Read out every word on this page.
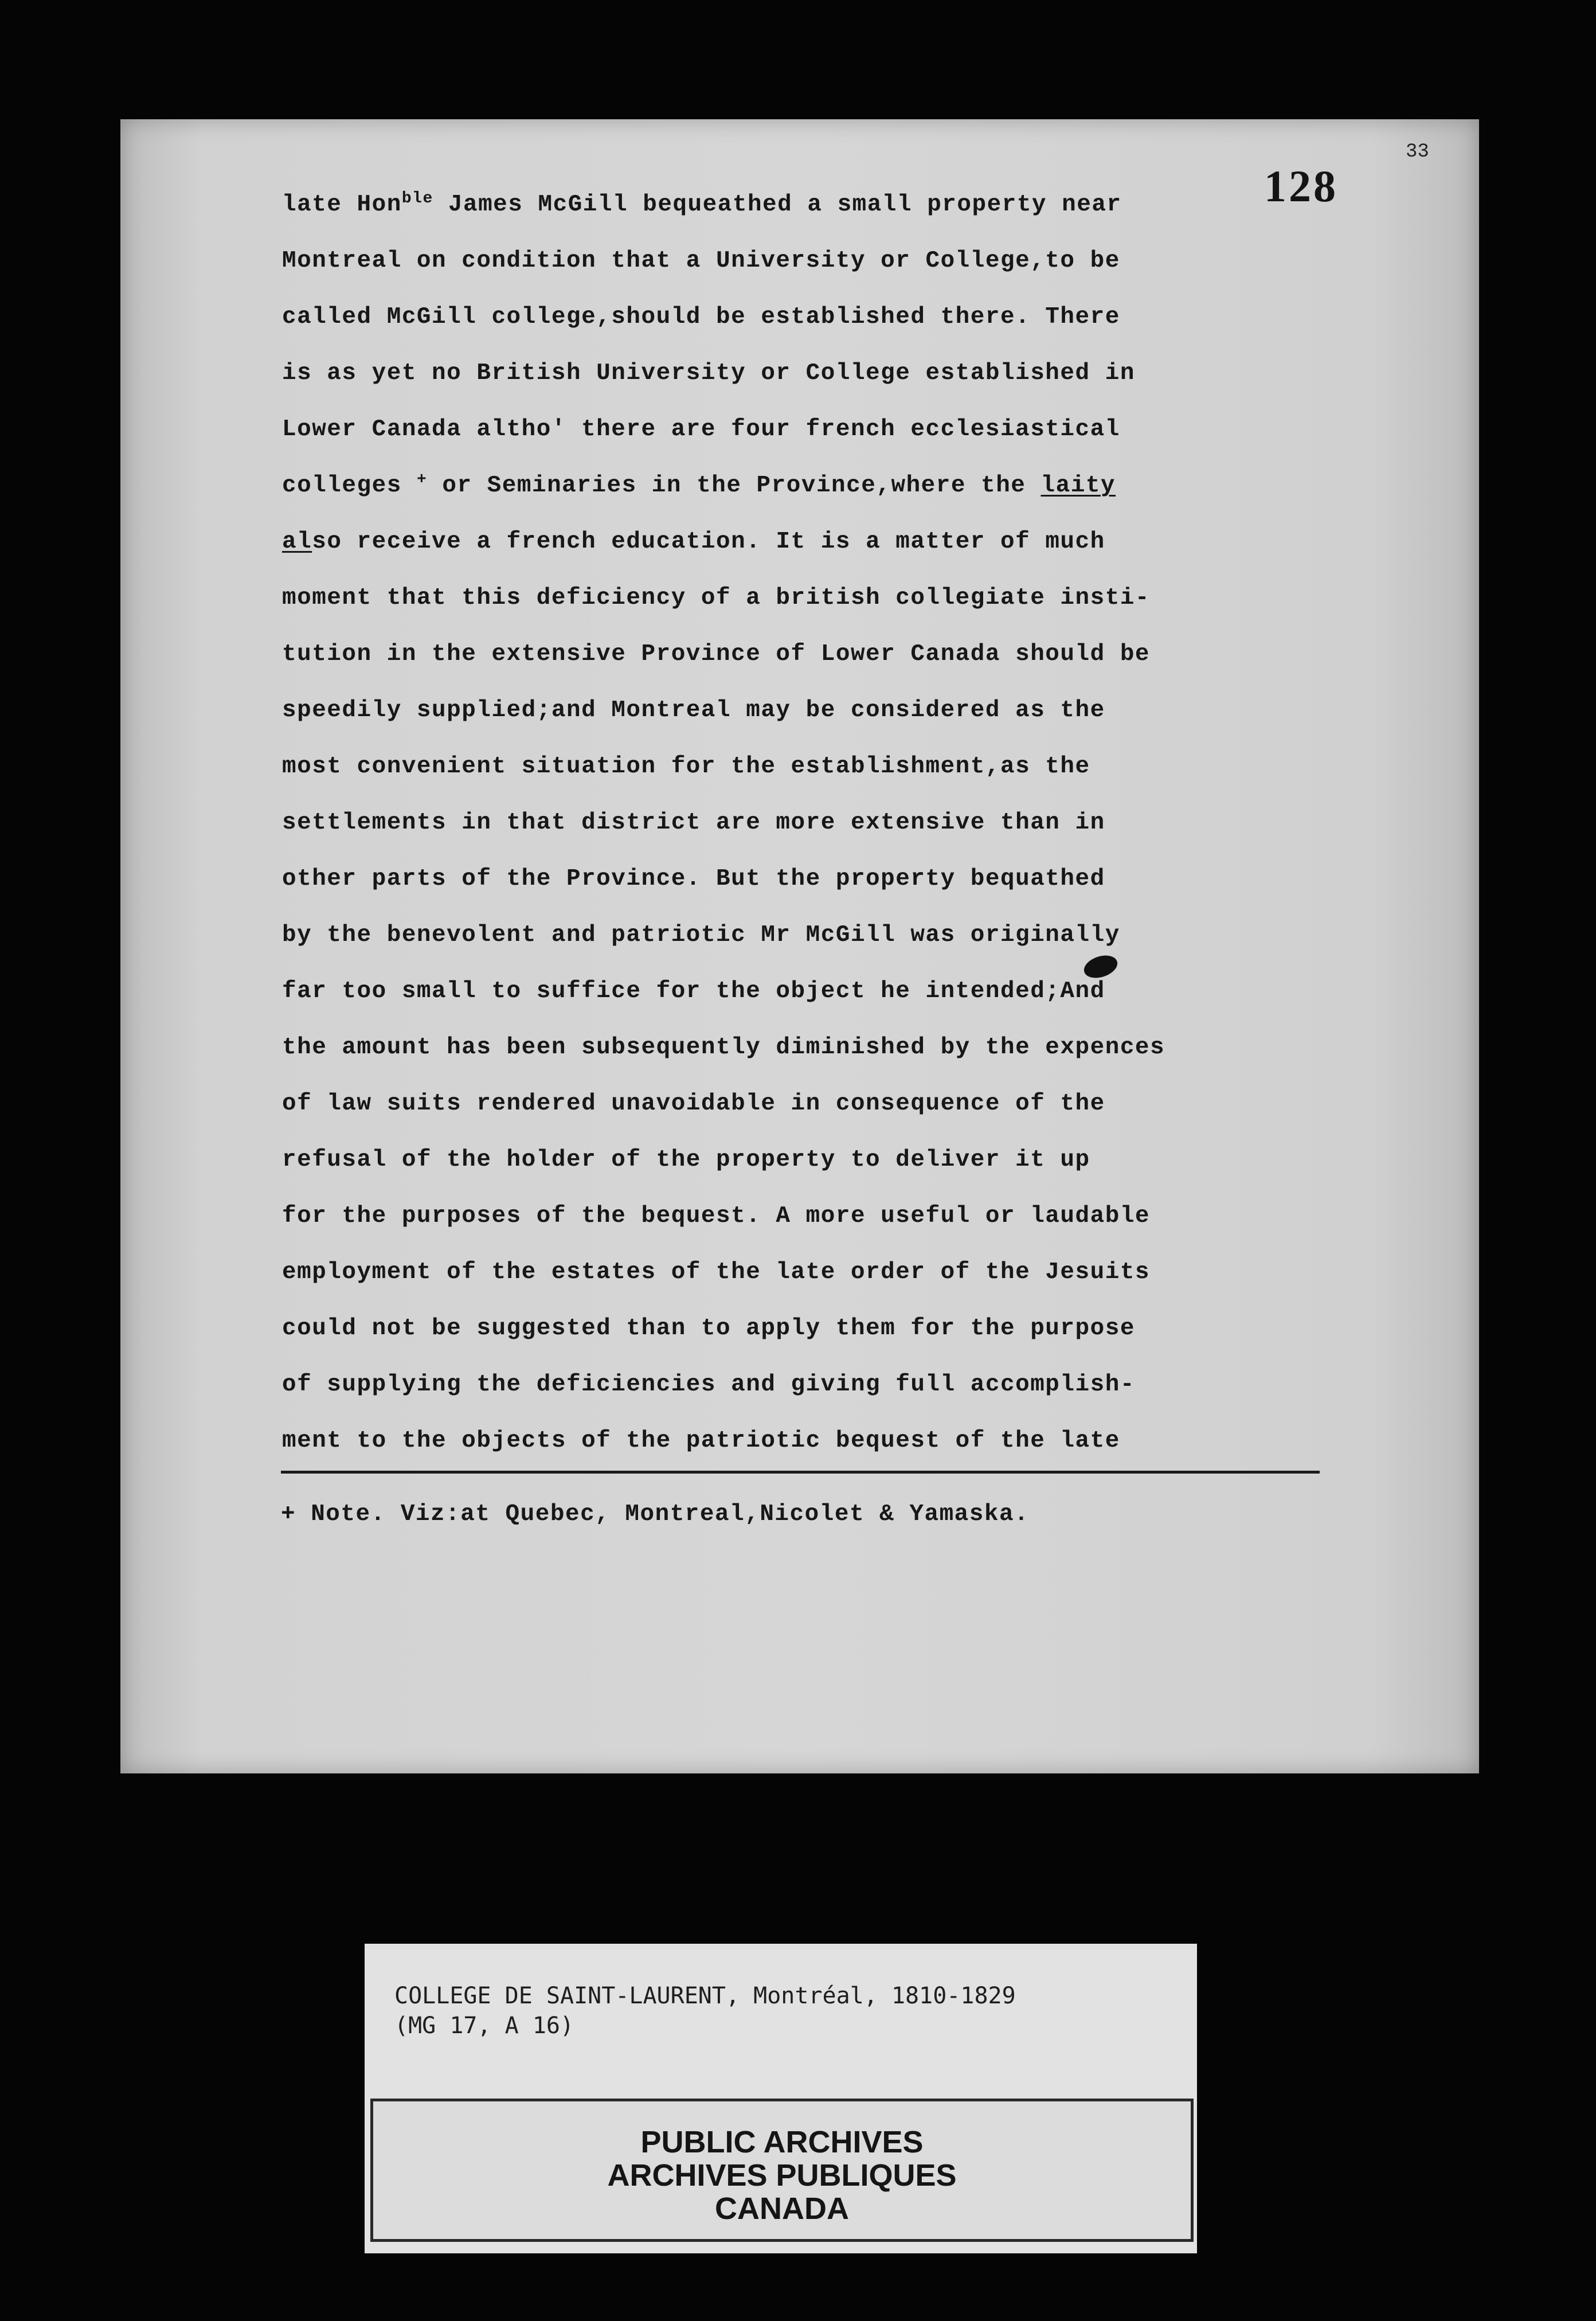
33
128
late Hon$^{ble}$ James McGill bequeathed a small property near
Montreal on condition that a University or College,to be
called McGill college,should be established there. There
is as yet no British University or College established in
Lower Canada altho' there are four french ecclesiastical
colleges + or Seminaries in the Province,where the laity
also receive a french education. It is a matter of much
moment that this deficiency of a british collegiate insti-
tution in the extensive Province of Lower Canada should be
speedily supplied;and Montreal may be considered as the
most convenient situation for the establishment,as the
settlements in that district are more extensive than in
other parts of the Province. But the property bequathed
by the benevolent and patriotic Mr McGill was originally
far too small to suffice for the object he intended;And
the amount has been subsequently diminished by the expences
of law suits rendered unavoidable in consequence of the
refusal of the holder of the property to deliver it up
for the purposes of the bequest. A more useful or laudable
employment of the estates of the late order of the Jesuits
could not be suggested than to apply them for the purpose
of supplying the deficiencies and giving full accomplish-
ment to the objects of the patriotic bequest of the late
+ Note. Viz:at Quebec, Montreal,Nicolet & Yamaska.
COLLEGE DE SAINT-LAURENT, Montréal, 1810-1829
(MG 17, A 16)
PUBLIC ARCHIVES
ARCHIVES PUBLIQUES
CANADA
